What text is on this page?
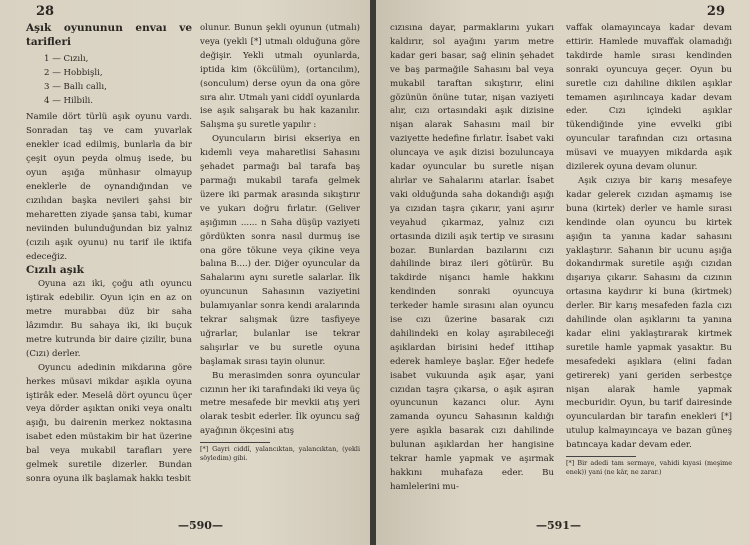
28

Aşık oyununun envaı ve tarifleri

1 — Cızılı,
2 — Hobbişli,
3 — Ballı callı,
4 — Hilbili.

Namile dört türlü aşık oyunu vardı. Sonradan taş ve cam yuvarlak enekler icad edilmiş, bunlarla da bir çeşit oyun peyda olmuş isede, bu oyun aşığa münhasır olmayup eneklerle de oynandığından ve cızılıdan başka nevileri şahsi bir meharetten ziyade şansa tabi, kumar neviinden bulunduğundan biz yalnız (cızılı aşık oyunu) nu tarif ile iktifa edeceğiz.

Cızılı aşık

Oyuna azı iki, çoğu atlı oyuncu iştirak edebilir. Oyun için en az on metre murabbaı düz bir saha lâzımdır. Bu sahaya iki, iki buçuk metre kutrunda bir daire çizilir, buna (Cızı) derler.

Oyuncu adedinin mikdarına göre herkes müsavi mikdar aşıkla oyuna iştirâk eder. Meselâ dört oyuncu üçer veya dörder aşıktan oniki veya onaltı aşığı, bu dairenin merkez noktasına isabet eden müstakim bir hat üzerine bal veya mukabil tarafları yere gelmek suretile dizerler. Bundan sonra oyuna ilk başlamak hakkı tesbit

olunur. Bunun şekli oyunun (utmalı) veya (yekli [*] utmalı olduğuna göre değişir. Yekli utmalı oyunlarda, iptida kim (ökcülüm), (ortancılım), (sonculum) derse oyun da ona göre sıra alır. Utmalı yani ciddî oyunlarda ise aşık salışarak bu hak kazanılır. Salışma şu suretle yapılır :

Oyuncuların birisi ekseriya en kıdemli veya maharetlisi Sahasını şehadet parmağı bal tarafa baş parmağı mukabil tarafa gelmek üzere iki parmak arasında sıkıştırır ve yukarı doğru fırlatır. (Geliver aşığımın ...... n Saha düşüp vaziyeti gördükten sonra nasıl durmuş ise ona göre tökune veya çikine veya balına B....) der. Diğer oyuncular da Sahalarını aynı suretle salarlar. İlk oyuncunun Sahasının vaziyetini bulamıyanlar sonra kendi aralarında tekrar salışmak üzre tasfiyeye uğrarlar, bulanlar ise tekrar salışırlar ve bu suretle oyuna başlamak sırası tayin olunur.

Bu merasimden sonra oyuncular cızının her iki tarafındaki iki veya üç metre mesafede bir mevkii atış yeri olarak tesbit ederler. İlk oyuncu sağ ayağının ökçesini atış

[*] Gayri ciddî, yalancıktan, yalancıktan, (yekli söyledim) gibi.

—590—
29

cızısına dayar, parmaklarını yukarı kaldırır, sol ayağını yarım metre kadar geri basar, sağ elinin şehadet ve baş parmağile Sahasını bal veya mukabil taraftan sıkıştırır, elini gözünün önüne tutar, nişan vaziyeti alır, cızı ortasındaki aşık dizisine nişan alarak Sahasını mail bir vaziyette hedefine fırlatır. İsabet vaki oluncaya ve aşık dizisi bozuluncaya kadar oyuncular bu suretle nişan alırlar ve Sahalarını atarlar. İsabet vaki olduğunda saha dokandığı aşığı ya cızıdan taşra çıkarır, yani aşırır veyahud çıkarmaz, yalnız cızı ortasında dizili aşık tertip ve sırasını bozar. Bunlardan bazılarını cızı dahilinde biraz ileri götürür. Bu takdirde nişancı hamle hakkını kendinden sonraki oyuncuya terkeder hamle sırasını alan oyuncu ise cızı üzerine basarak cızı dahilindeki en kolay aşırabileceği aşıklardan birisini hedef ittihap ederek hamleye başlar. Eğer hedefe isabet vukuunda aşık aşar, yani cızıdan taşra çıkarsa, o aşık aşıran oyuncunun kazancı olur. Aynı zamanda oyuncu Sahasının kaldığı yere aşıkla basarak cızı dahilinde bulunan aşıklardan her hangisine tekrar hamle yapmak ve aşırmak hakkını muhafaza eder. Bu hamlelerini mu-

vaffak olamayıncaya kadar devam ettirir. Hamlede muvaffak olamadığı takdirde hamle sırası kendinden sonraki oyuncuya geçer. Oyun bu suretle cızı dahiline dikilen aşıklar temamen aşırılıncaya kadar devam eder. Cızı içindeki aşıklar tükendiğinde yine evvelki gibi oyuncular tarafından cızı ortasına müsavi ve muayyen mikdarda aşık dizilerek oyuna devam olunur.

Aşık cızıya bir karış mesafeye kadar gelerek cızıdan aşmamış ise buna (kirtek) derler ve hamle sırası kendinde olan oyuncu bu kirtek aşığın ta yanına kadar sahasını yaklaştırır. Sahanın bir ucunu aşığa dokandırmak suretile aşığı cızıdan dışarıya çıkarır. Sahasını da cızının ortasına kaydırır ki buna (kirtmek) derler. Bir karış mesafeden fazla cızı dahilinde olan aşıklarını ta yanına kadar elini yaklaştırarak kirtmek suretile hamle yapmak yasaktır. Bu mesafedeki aşıklara (elini fadan getirerek) yani geriden serbestçe nişan alarak hamle yapmak mecburidir. Oyun, bu tarif dairesinde oyunculardan bir tarafın enekleri [*] utulup kalmayıncaya ve bazan güneş batıncaya kadar devam eder.

[*] Bir adedi tam sermaye, vahidi kıyasi (meşime enek)) yani (ne kâr, ne zarar.)

—591—
